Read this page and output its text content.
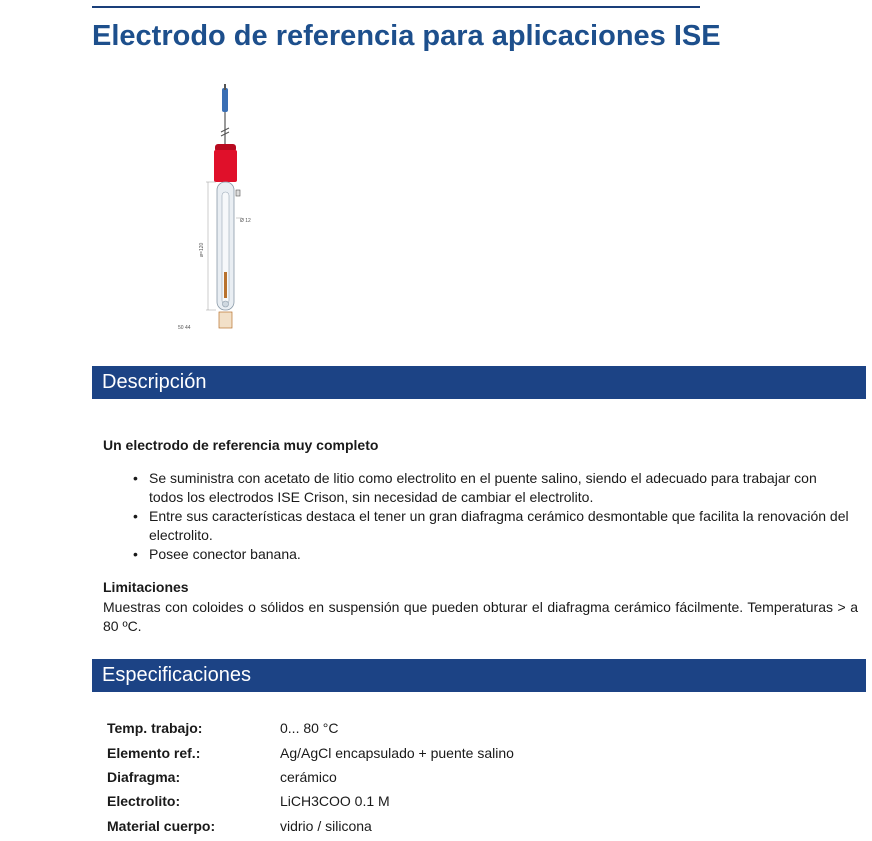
Electrodo de referencia para aplicaciones ISE
Ø 12
ø=120
50 44
Descripción
Un electrodo de referencia muy completo
• Se suministra con acetato de litio como electrolito en el puente salino, siendo el adecuado para trabajar con todos los electrodos ISE Crison, sin necesidad de cambiar el electrolito.
• Entre sus características destaca el tener un gran diafragma cerámico desmontable que facilita la renovación del electrolito.
• Posee conector banana.
Limitaciones

Muestras con coloides o sólidos en suspensión que pueden obturar el diafragma cerámico fácilmente. Temperaturas > a 80 ºC.

Especificaciones
Temp. trabajo:	0... 80 °C
Elemento ref.:	Ag/AgCl encapsulado + puente salino
Diafragma:	cerámico
Electrolito:	LiCH3COO 0.1 M
Material cuerpo:	vidrio / silicona
